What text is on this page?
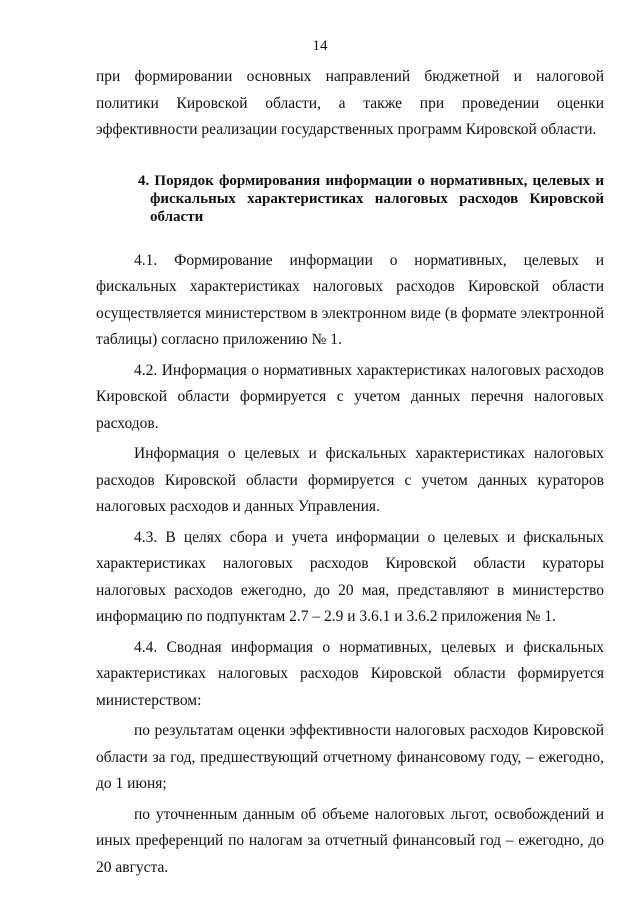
14

при формировании основных направлений бюджетной и налоговой политики Кировской области, а также при проведении оценки эффективности реализации государственных программ Кировской области.

4. Порядок формирования информации о нормативных, целевых и фискальных характеристиках налоговых расходов Кировской области

4.1. Формирование информации о нормативных, целевых и фискальных характеристиках налоговых расходов Кировской области осуществляется министерством в электронном виде (в формате электронной таблицы) согласно приложению № 1.

4.2. Информация о нормативных характеристиках налоговых расходов Кировской области формируется с учетом данных перечня налоговых расходов.

Информация о целевых и фискальных характеристиках налоговых расходов Кировской области формируется с учетом данных кураторов налоговых расходов и данных Управления.

4.3. В целях сбора и учета информации о целевых и фискальных характеристиках налоговых расходов Кировской области кураторы налоговых расходов ежегодно, до 20 мая, представляют в министерство информацию по подпунктам 2.7 – 2.9 и 3.6.1 и 3.6.2 приложения № 1.

4.4. Сводная информация о нормативных, целевых и фискальных характеристиках налоговых расходов Кировской области формируется министерством:

по результатам оценки эффективности налоговых расходов Кировской области за год, предшествующий отчетному финансовому году, – ежегодно, до 1 июня;

по уточненным данным об объеме налоговых льгот, освобождений и иных преференций по налогам за отчетный финансовый год – ежегодно, до 20 августа.
